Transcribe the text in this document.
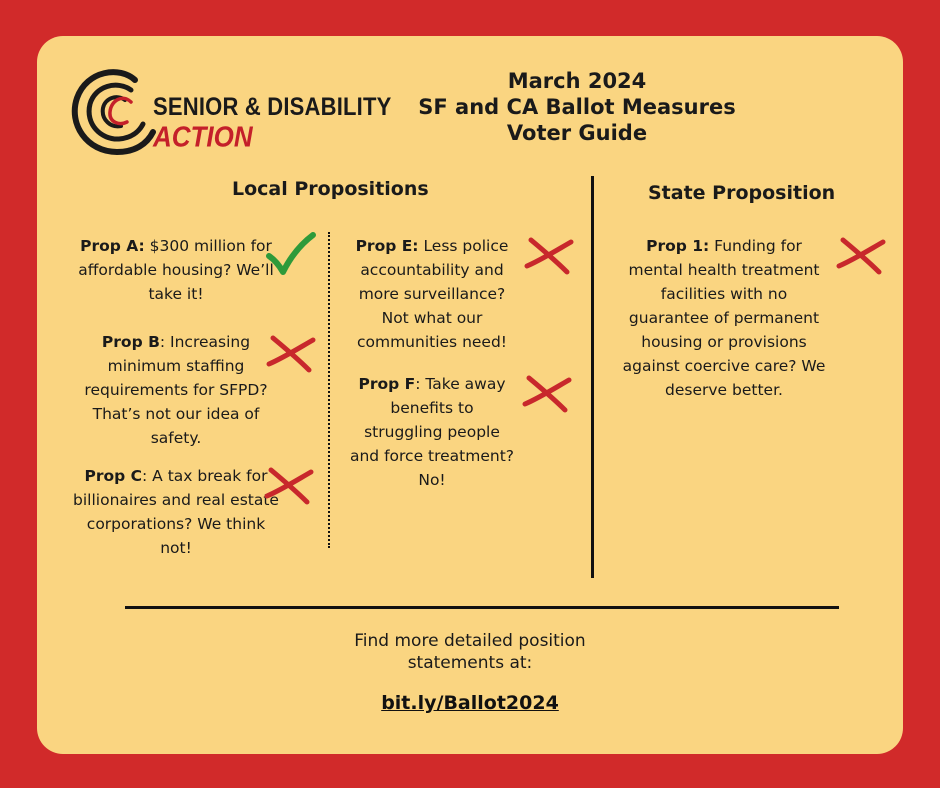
SENIOR & DISABILITY
ACTION
March 2024
SF and CA Ballot Measures
Voter Guide
Local Propositions	State Proposition
Prop A: $300 million for affordable housing? We’ll take it!
Prop B: Increasing minimum staffing requirements for SFPD? That’s not our idea of safety.
Prop C: A tax break for billionaires and real estate corporations? We think not!
Prop E: Less police accountability and more surveillance? Not what our communities need!
Prop F: Take away benefits to struggling people and force treatment? No!
Prop 1: Funding for mental health treatment facilities with no guarantee of permanent housing or provisions against coercive care? We deserve better.
Find more detailed position
statements at:
bit.ly/Ballot2024
